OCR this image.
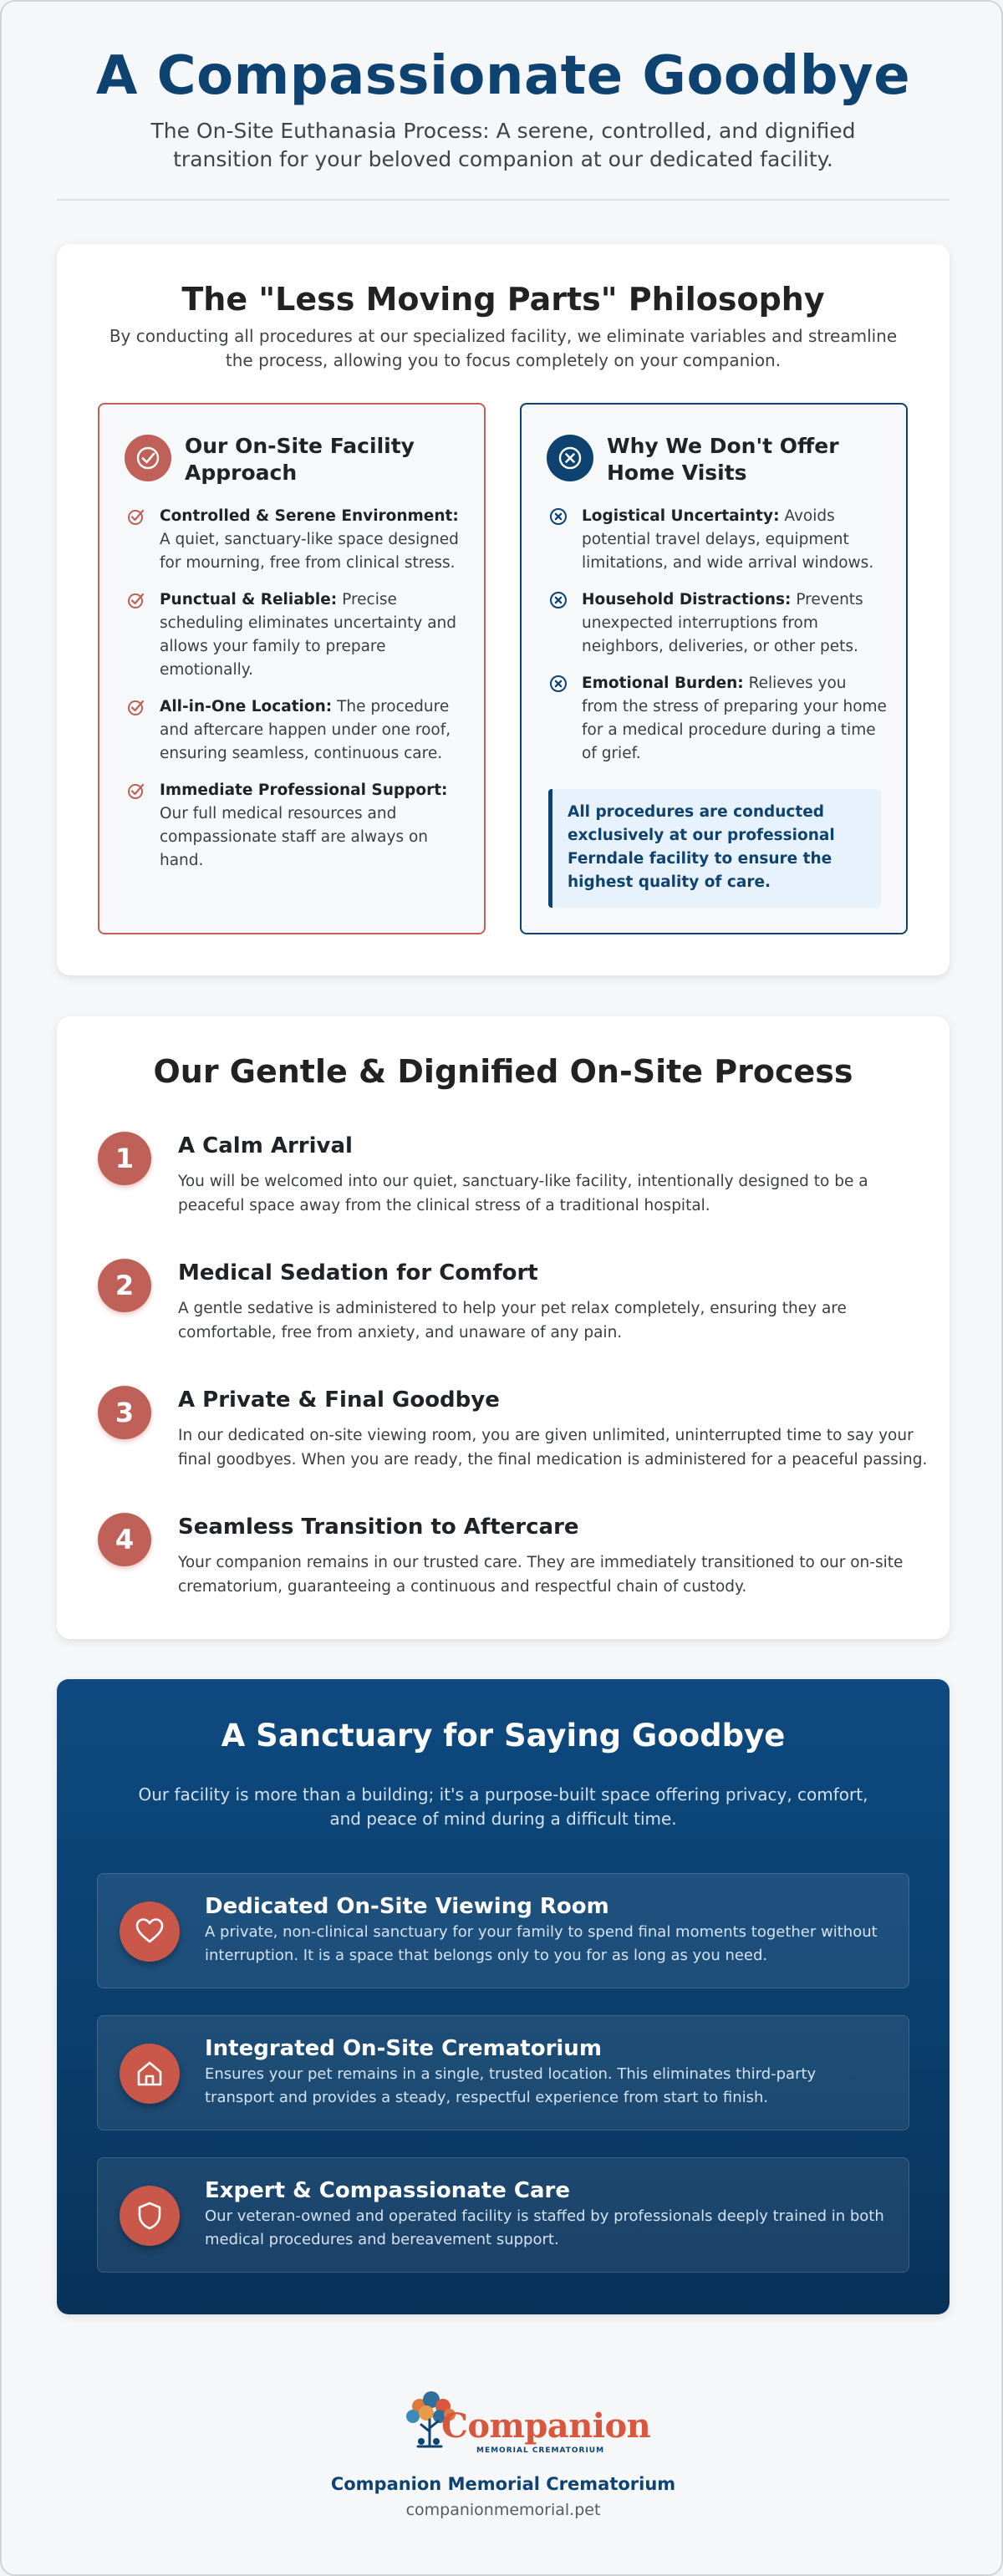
A Compassionate Goodbye

The On-Site Euthanasia Process: A serene, controlled, and dignified transition for your beloved companion at our dedicated facility.

The "Less Moving Parts" Philosophy

By conducting all procedures at our specialized facility, we eliminate variables and streamline the process, allowing you to focus completely on your companion.

Our On-Site Facility Approach
Controlled & Serene Environment: A quiet, sanctuary-like space designed for mourning, free from clinical stress.
Punctual & Reliable: Precise scheduling eliminates uncertainty and allows your family to prepare emotionally.
All-in-One Location: The procedure and aftercare happen under one roof, ensuring seamless, continuous care.
Immediate Professional Support: Our full medical resources and compassionate staff are always on hand.
Why We Don't Offer Home Visits
Logistical Uncertainty: Avoids potential travel delays, equipment limitations, and wide arrival windows.
Household Distractions: Prevents unexpected interruptions from neighbors, deliveries, or other pets.
Emotional Burden: Relieves you from the stress of preparing your home for a medical procedure during a time of grief.
All procedures are conducted exclusively at our professional Ferndale facility to ensure the highest quality of care.
Our Gentle & Dignified On-Site Process
1	A Calm Arrival
You will be welcomed into our quiet, sanctuary-like facility, intentionally designed to be a peaceful space away from the clinical stress of a traditional hospital.
2	Medical Sedation for Comfort
A gentle sedative is administered to help your pet relax completely, ensuring they are comfortable, free from anxiety, and unaware of any pain.
3	A Private & Final Goodbye
In our dedicated on-site viewing room, you are given unlimited, uninterrupted time to say your final goodbyes. When you are ready, the final medication is administered for a peaceful passing.
4	Seamless Transition to Aftercare
Your companion remains in our trusted care. They are immediately transitioned to our on-site crematorium, guaranteeing a continuous and respectful chain of custody.
A Sanctuary for Saying Goodbye

Our facility is more than a building; it's a purpose-built space offering privacy, comfort, and peace of mind during a difficult time.

Dedicated On-Site Viewing Room
A private, non-clinical sanctuary for your family to spend final moments together without interruption. It is a space that belongs only to you for as long as you need.
Integrated On-Site Crematorium
Ensures your pet remains in a single, trusted location. This eliminates third-party transport and provides a steady, respectful experience from start to finish.
Expert & Compassionate Care
Our veteran-owned and operated facility is staffed by professionals deeply trained in both medical procedures and bereavement support.
Companion
MEMORIAL CREMATORIUM
Companion Memorial Crematorium
companionmemorial.pet
